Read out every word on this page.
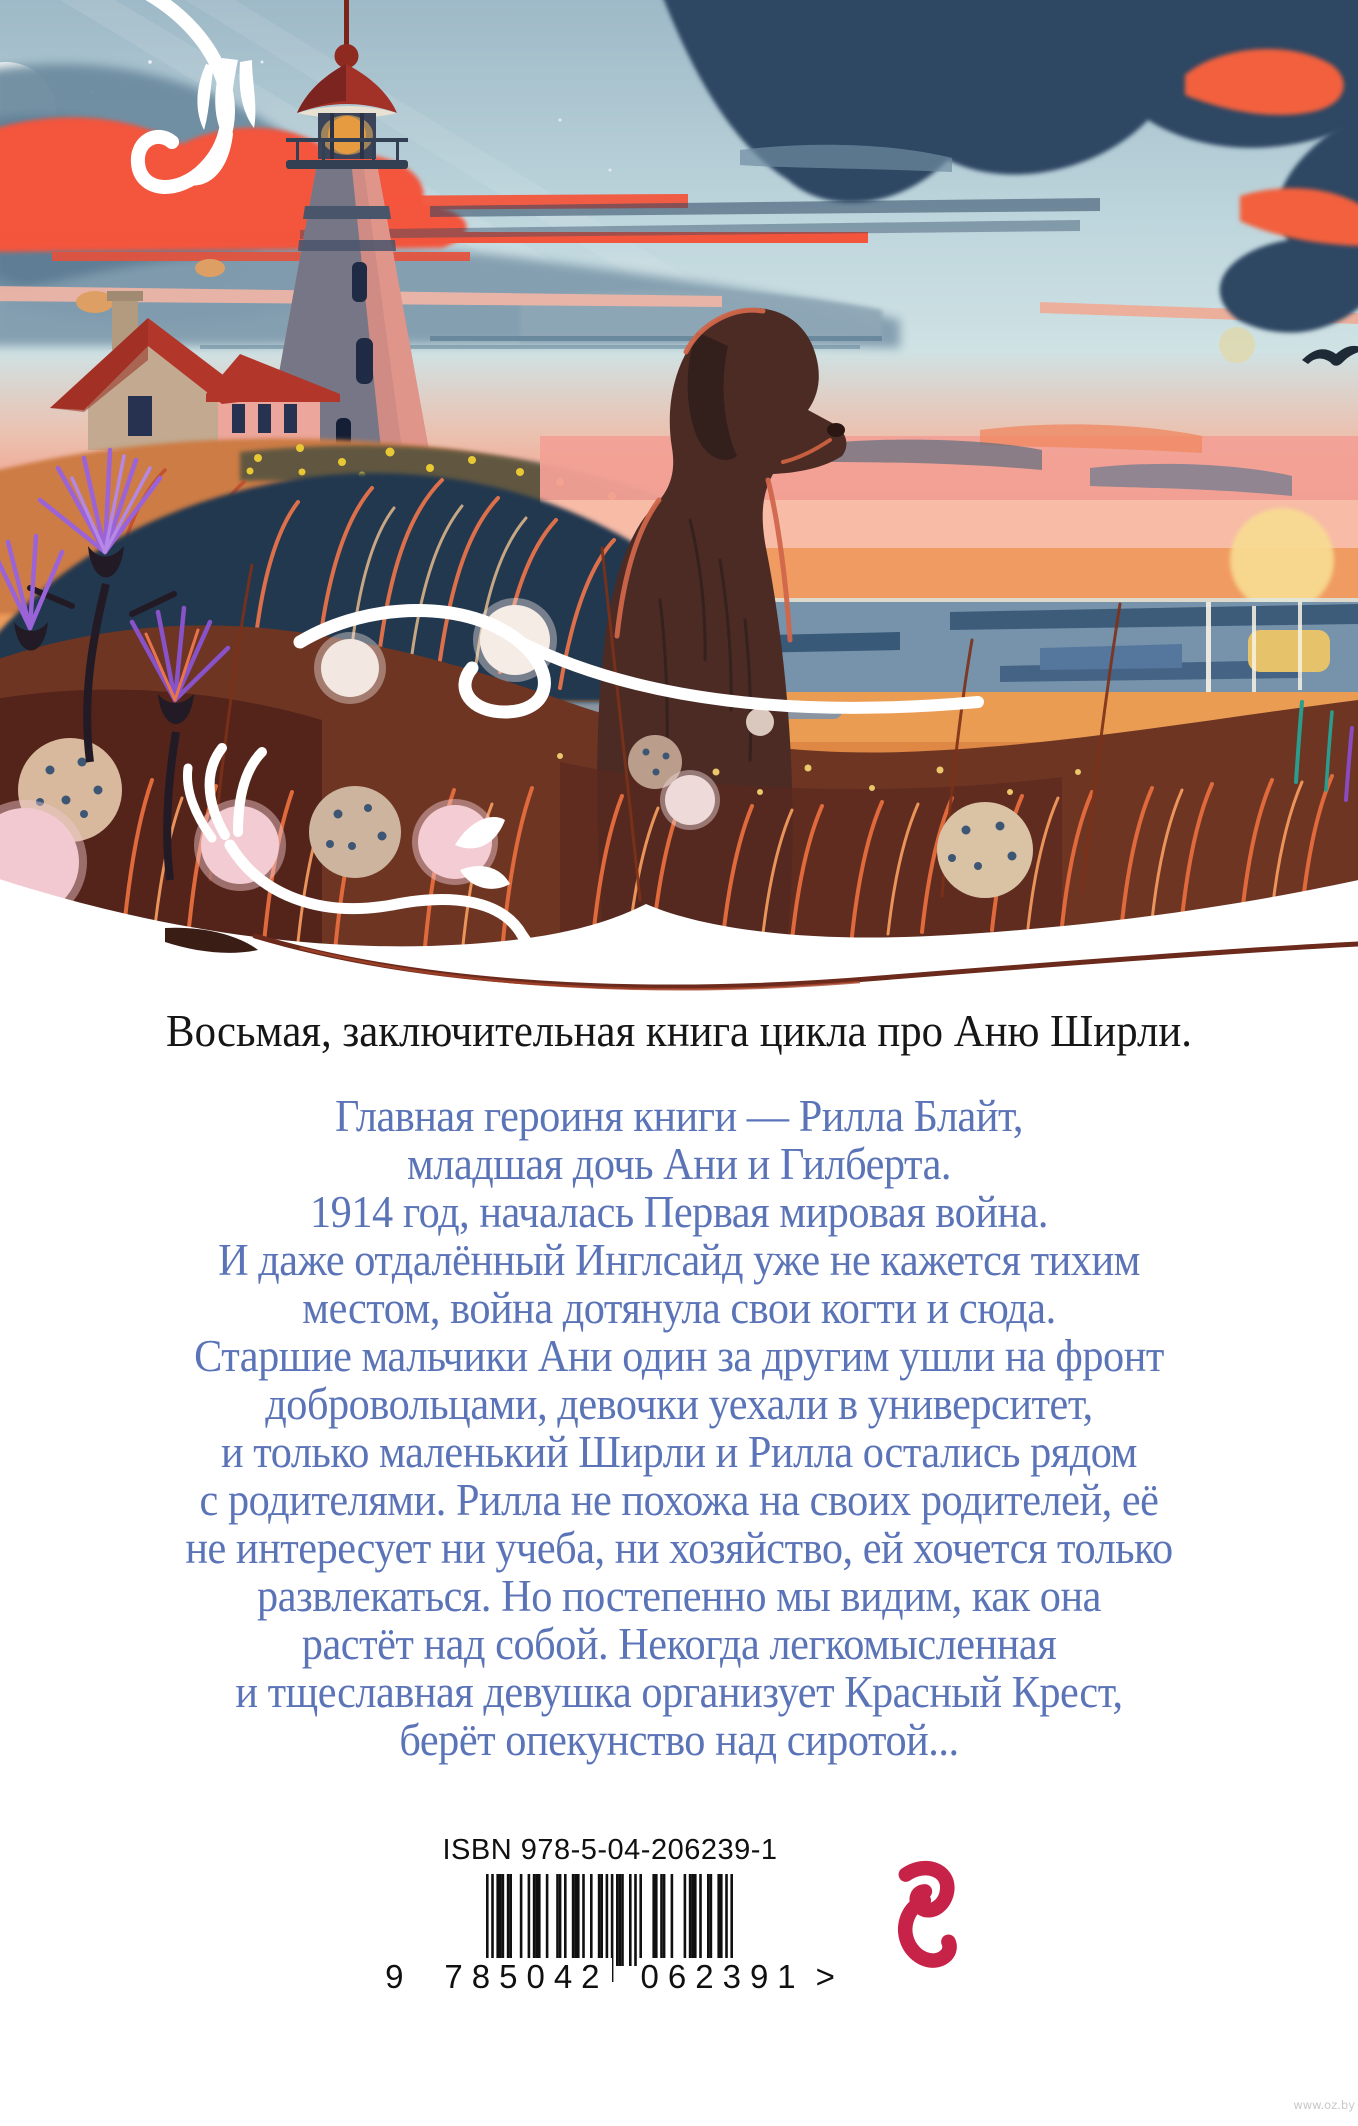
Восьмая, заключительная книга цикла про Аню Ширли.
Главная героиня книги — Рилла Блайт,
младшая дочь Ани и Гилберта.
1914 год, началась Первая мировая война.
И даже отдалённый Инглсайд уже не кажется тихим
местом, война дотянула свои когти и сюда.
Старшие мальчики Ани один за другим ушли на фронт
добровольцами, девочки уехали в университет,
и только маленький Ширли и Рилла остались рядом
с родителями. Рилла не похожа на своих родителей, её
не интересует ни учеба, ни хозяйство, ей хочется только
развлекаться. Но постепенно мы видим, как она
растёт над собой. Некогда легкомысленная
и тщеславная девушка организует Красный Крест,
берёт опекунство над сиротой...
ISBN 978-5-04-206239-1
9 785042 062391 >
www.oz.by
